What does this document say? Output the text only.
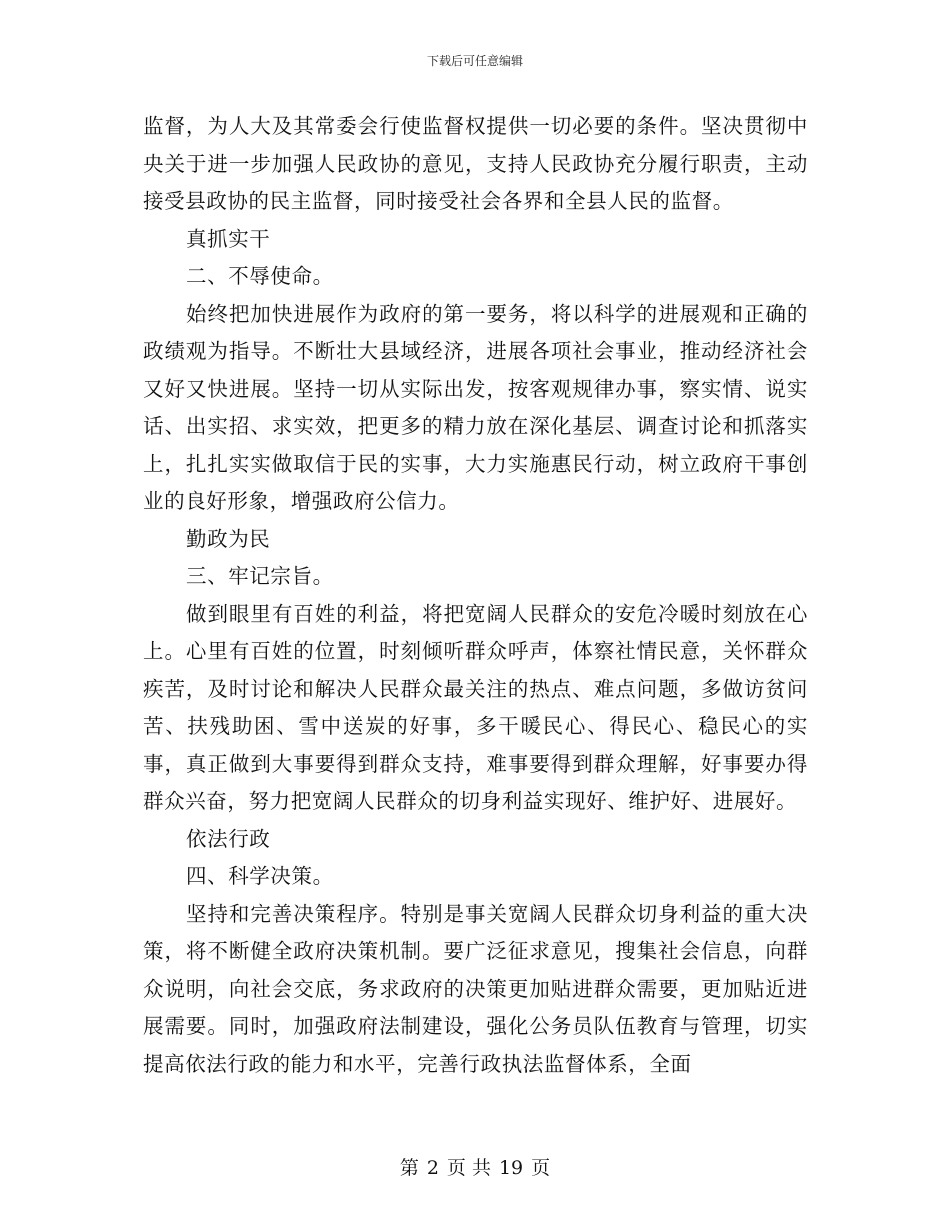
下载后可任意编辑

监督，为人大及其常委会行使监督权提供一切必要的条件。坚决贯彻中央关于进一步加强人民政协的意见，支持人民政协充分履行职责，主动接受县政协的民主监督，同时接受社会各界和全县人民的监督。

真抓实干

二、不辱使命。

始终把加快进展作为政府的第一要务，将以科学的进展观和正确的政绩观为指导。不断壮大县域经济，进展各项社会事业，推动经济社会又好又快进展。坚持一切从实际出发，按客观规律办事，察实情、说实话、出实招、求实效，把更多的精力放在深化基层、调查讨论和抓落实上，扎扎实实做取信于民的实事，大力实施惠民行动，树立政府干事创业的良好形象，增强政府公信力。

勤政为民

三、牢记宗旨。

做到眼里有百姓的利益，将把宽阔人民群众的安危冷暖时刻放在心上。心里有百姓的位置，时刻倾听群众呼声，体察社情民意，关怀群众疾苦，及时讨论和解决人民群众最关注的热点、难点问题，多做访贫问苦、扶残助困、雪中送炭的好事，多干暖民心、得民心、稳民心的实事，真正做到大事要得到群众支持，难事要得到群众理解，好事要办得群众兴奋，努力把宽阔人民群众的切身利益实现好、维护好、进展好。

依法行政

四、科学决策。

坚持和完善决策程序。特别是事关宽阔人民群众切身利益的重大决策，将不断健全政府决策机制。要广泛征求意见，搜集社会信息，向群众说明，向社会交底，务求政府的决策更加贴进群众需要，更加贴近进展需要。同时，加强政府法制建设，强化公务员队伍教育与管理，切实提高依法行政的能力和水平，完善行政执法监督体系，全面

第 2 页 共 19 页
